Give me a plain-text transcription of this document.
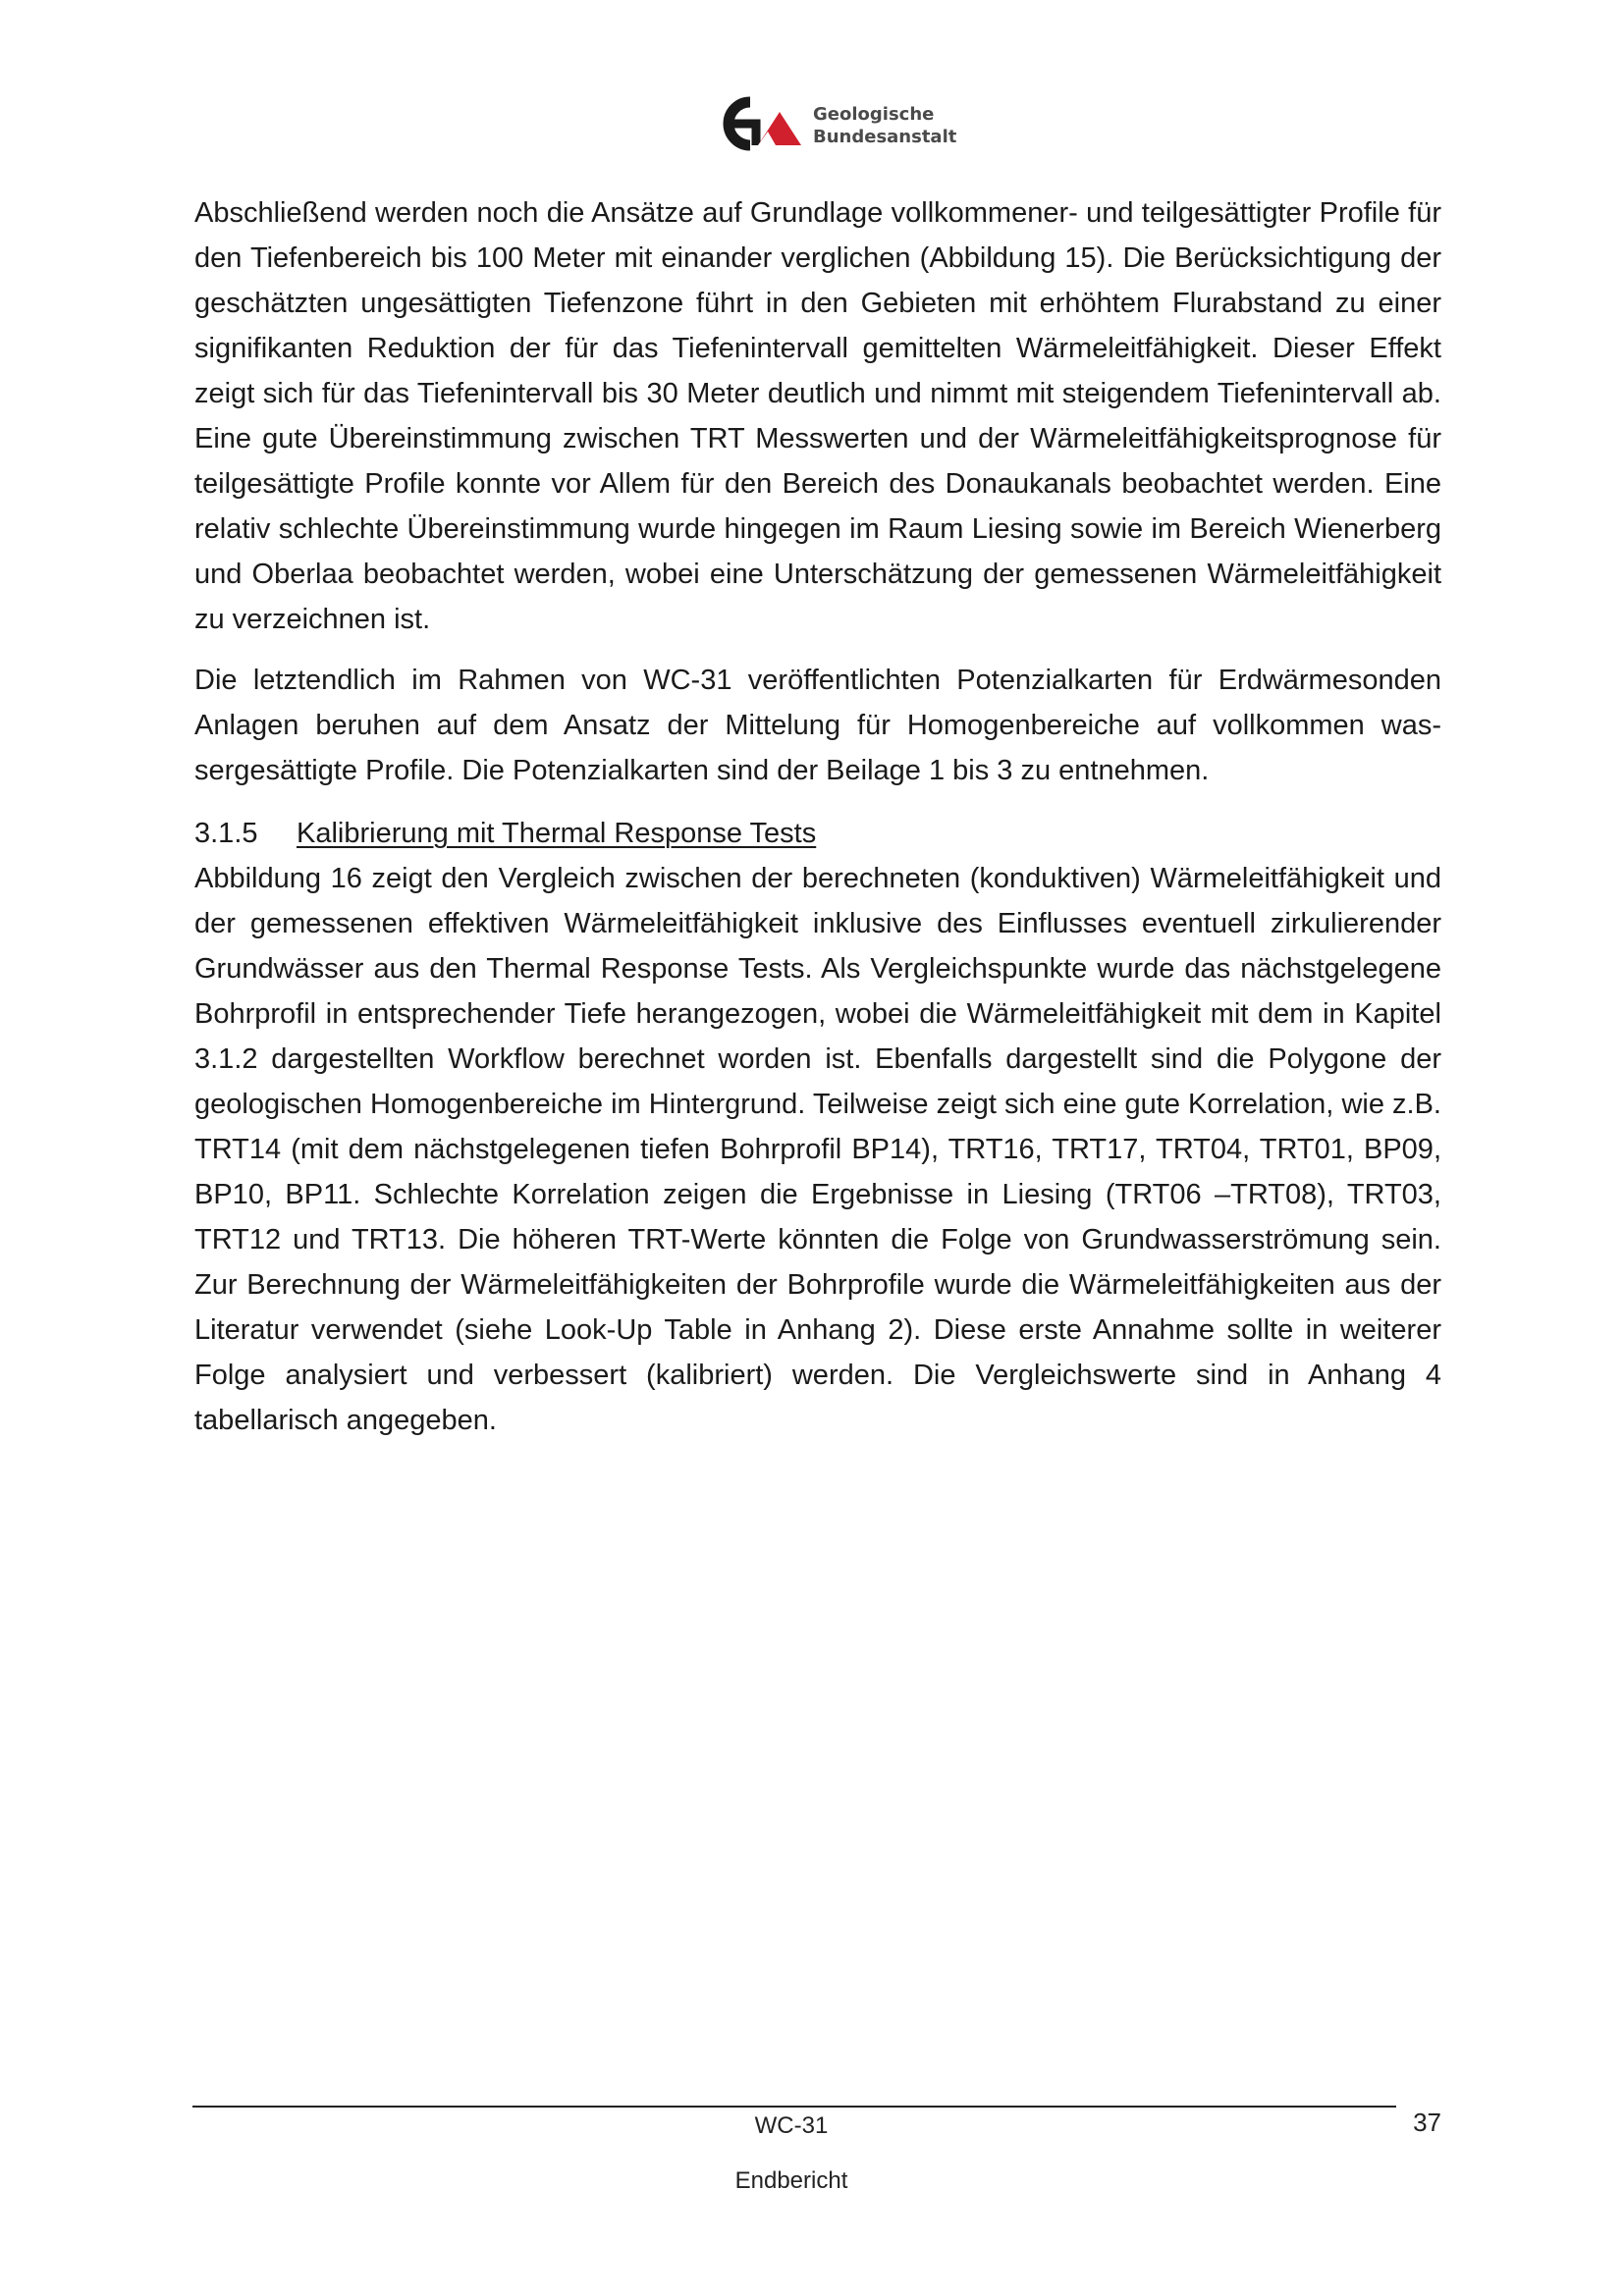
Geologische
Bundesanstalt

Abschließend werden noch die Ansätze auf Grundlage vollkommener- und teilgesättigter Profile für den Tiefenbereich bis 100 Meter mit einander verglichen (Abbildung 15). Die Berücksichtigung der geschätzten ungesättigten Tiefenzone führt in den Gebieten mit erhöhtem Flurabstand zu einer signifikanten Reduktion der für das Tiefenintervall gemittelten Wärmeleitfähigkeit. Dieser Effekt zeigt sich für das Tiefenintervall bis 30 Meter deutlich und nimmt mit steigendem Tiefenintervall ab. Eine gute Übereinstimmung zwischen TRT Messwerten und der Wärmeleitfähigkeitsprognose für teilgesättigte Profile konnte vor Allem für den Bereich des Donaukanals beobachtet werden. Eine relativ schlechte Übereinstimmung wurde hingegen im Raum Liesing sowie im Bereich Wienerberg und Oberlaa beobachtet werden, wobei eine Unterschätzung der gemessenen Wärmeleitfähigkeit zu verzeichnen ist.

Die letztendlich im Rahmen von WC-31 veröffentlichten Potenzialkarten für Erdwärmesonden Anlagen beruhen auf dem Ansatz der Mittelung für Homogenbereiche auf vollkommen wassergesättigte Profile. Die Potenzialkarten sind der Beilage 1 bis 3 zu entnehmen.

3.1.5 Kalibrierung mit Thermal Response Tests

Abbildung 16 zeigt den Vergleich zwischen der berechneten (konduktiven) Wärmeleitfähigkeit und der gemessenen effektiven Wärmeleitfähigkeit inklusive des Einflusses eventuell zirkulierender Grundwässer aus den Thermal Response Tests. Als Vergleichspunkte wurde das nächstgelegene Bohrprofil in entsprechender Tiefe herangezogen, wobei die Wärmeleitfähigkeit mit dem in Kapitel 3.1.2 dargestellten Workflow berechnet worden ist. Ebenfalls dargestellt sind die Polygone der geologischen Homogenbereiche im Hintergrund. Teilweise zeigt sich eine gute Korrelation, wie z.B. TRT14 (mit dem nächstgelegenen tiefen Bohrprofil BP14), TRT16, TRT17, TRT04, TRT01, BP09, BP10, BP11. Schlechte Korrelation zeigen die Ergebnisse in Liesing (TRT06 –TRT08), TRT03, TRT12 und TRT13. Die höheren TRT-Werte könnten die Folge von Grundwasserströmung sein. Zur Berechnung der Wärmeleitfähigkeiten der Bohrprofile wurde die Wärmeleitfähigkeiten aus der Literatur verwendet (siehe Look-Up Table in Anhang 2). Diese erste Annahme sollte in weiterer Folge analysiert und verbessert (kalibriert) werden. Die Vergleichswerte sind in Anhang 4 tabellarisch angegeben.

WC-31
Endbericht
37
